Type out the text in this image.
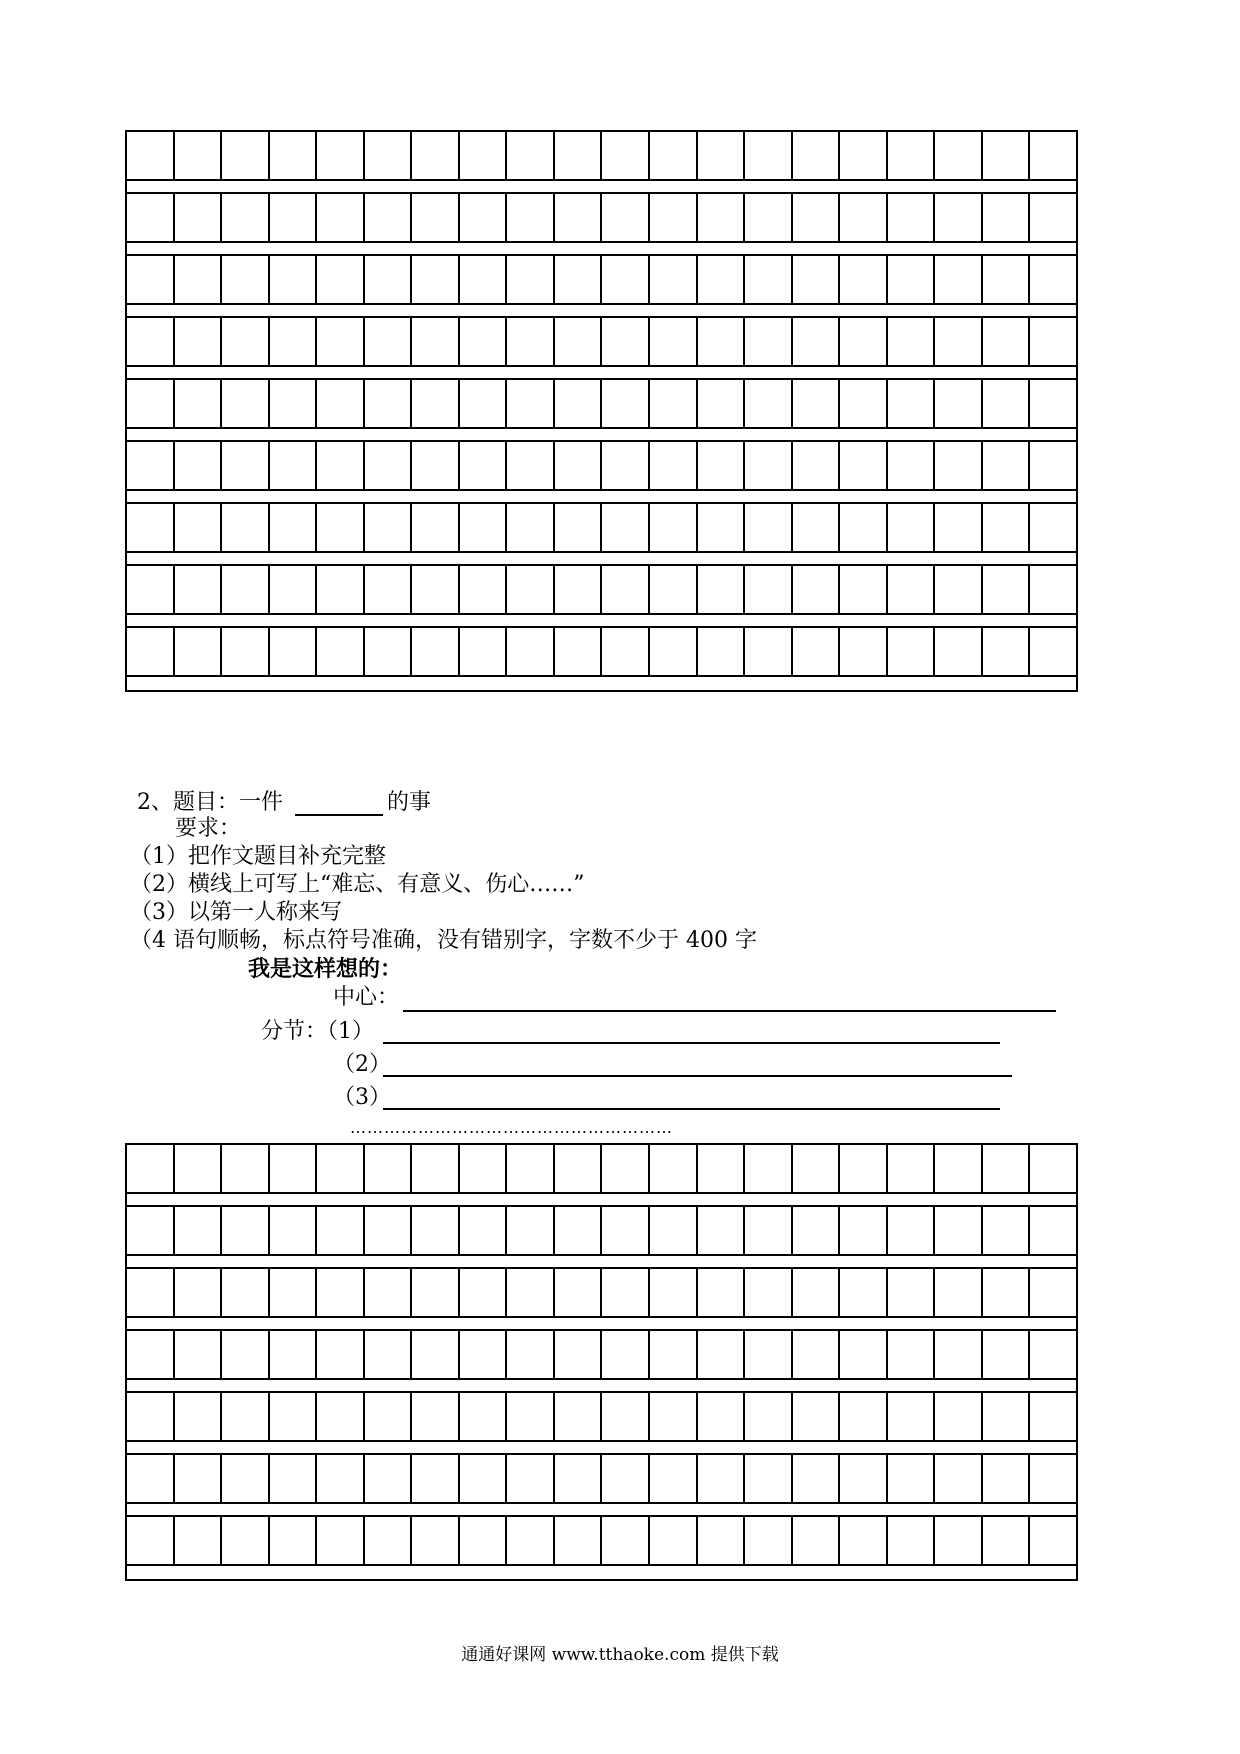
2、题目：一件	的事
要求：
（1）把作文题目补充完整
（2）横线上可写上“难忘、有意义、伤心……”
（3）以第一人称来写
（4 语句顺畅，标点符号准确，没有错别字，字数不少于 400 字
我是这样想的：
中心：
分节：（1）
（2）
（3）
…………………………………………………
通通好课网 www.tthaoke.com 提供下载
